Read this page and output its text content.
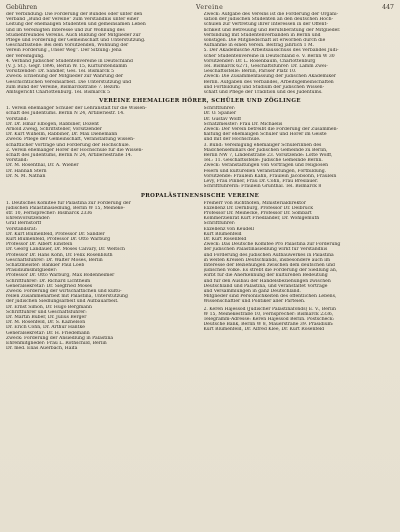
Gebühren	Vereine	447

der Verbindung: Die Förderung der Bundes oder unter den

Verband „Bund der Vereine“ zum Verständnis unter einer

Leitung der ehemaligen Studenten und gemeinsamen Leben

und im Vereinigten Interesse und zur Wohnung des

Studienfreundes Vereins. Auch Bildung der Mitglieder zur

Pflege und Förderung der Gemeinschaft und Unterstützung.

Geschäftsstelle: Bei dem Vorsitzenden, Wohnung der

Verein Förderung „Unser Weg“. Der Sitzung: Jena

der Vereinigung.

4. Verband Jüdischer Studentenvereine in Deutschland

(V. J. St.). Gegr. 1896, Berlin W. 15, Kurfürstendamm

Vorsitzender: Dr. Sandler, Ges. Tel. Bismarck 5

Zweck: Erziehung der Mitglieder zur Wahrung der

Geschichtlichen Vereinsarbeit. Die Unterstützung und

zum Bund der Vereine, Bismarckstraße 7. Bezirk:

Amtsgericht Charlottenburg. Tel. Bismarck 5

Zweck: Aufgabe des Vereins ist die Förderung der Organi-

sation der jüdischen Studenten an den deutschen Hoch-

schulen zur Vertretung ihrer Interessen in der Öffent-

lichkeit und Betreuung und Berufsberatung der Mitglieder.

Verbindung mit Studentenverbänden in Berlin und

sonstigen. Die Mitgliedschaft ist erworben durch die

Aufnahme in einen Verein. Beitrag jährlich 1 M.

5. Der Akademische Arbeitsausschuss des Verbandes Jüdi-

scher Studentenvereine in Deutschland e. V. Berlin W 30

Vorsitzender: Dr. L. Rosenbaum, Charlottenburg

Tel. Bismarck 6271, Geschäftsführer: Dr. Lamm Zwei-

Geschäftsstelle: Berlin, Pariser Platz 10.

Zweck: Die Zusammenfassung der jüdischen Akademiker

Berlin. Aufgaben des Verbandes, Arbeitsgemeinschaften

und Fortbildung und Studium der jüdischen Wissen-

schaft und Pflege der Tradition und des Judentums.

VEREINE EHEMALIGER HÖRER, SCHÜLER UND ZÖGLINGE

1. Verein ehemaliger Schüler der Lehranstalt für die Wissen-

schaft des Judentums. Berlin N 24, Artilleriestr. 14.

Vorstand:

Dr. Dr. Ismar Elbogen, Rabbiner, Dozent

Arnold Zweig, Schriftsteller, Vorsitzender

Dr. Kurt Wilhelm, Rabbiner, Dr. Max Dienemann

Zweck: Pflege der Gemeinschaft, Veranstaltung wissen-

schaftlicher Vorträge und Förderung der Hochschule.

2. Verein ehemaliger Hörer der Hochschule für die Wissen-

schaft des Judentums, Berlin N 24, Artilleriestraße 14.

Vorstand:

Dr. M. Rosenthal, Dr. A. Wiener

Dr. Hannah Stern

Dr. N. M. Nathan

Schriftführer:

Dr. O. Spanier

Dr. Gustav Wolff

Schatzmeister: Frau Dr. Michaelis

Zweck: Der Verein betreibt die Förderung der Zusammen-

haltung der ehemaligen Schüler und Hörer im Geiste

und mit der Hochschule.

3. Bund: Vereinigung ehemaliger Schülerinnen des

Mädchenseminars der Jüdischen Gemeinde zu Berlin,

Berlin NW 7, Lindenstraße 23. Vorsitzende: Lotte Wolff,

Tel.: 11. Geschäftsstelle: Jüdische Gemeinde Berlin.

Zweck: Veranstaltungen von Vorträgen und religiösen

Feiern und kulturellen Veranstaltungen, Fortbildung.

Vorsitzende: Fräulein Kahn, Fräulein Jacobsohn, Fräulein

Levy, Frau Pinner, Frau Dr. Cohn, Frau Breslauer.

Schriftführerin: Fräulein Grünthal. Tel. Bismarck 8

PROPALÄSTINENSISCHE VEREINE

1. Deutsches Komitee für Palästina zur Förderung der

jüdischen Palästinasiedlung, Berlin W 15, Meineke-

str. 10, Fernsprecher: Bismarck 2336

Ehrenvorsitzender:

Graf Bernstorff

Vorstandsrat:

Dr. Kurt Blumenfeld, Professor Dr. Sandler

Kurt Blumenfeld, Professor Dr. Otto Warburg

Professor Dr. Albert Einstein

Dr. Georg Landauer, Dr. Moses Calvary, Dr. Weltsch

Professor Dr. Hans Kohn, Dr. Felix Rosenblüth

Geschäftsführer: Dr. Walter Moses, Berlin

Schatzmeister: Bankier Paul Loeb

Präsidiumsmitglieder:

Professor Dr. Otto Warburg, Max Bodenheimer

Schriftführer: Dr. Richard Lichtheim

Generalsekretär: Dr. Siegfried Moses

Zweck: Förderung der wirtschaftlichen und kultu-

rellen Zusammenarbeit mit Palästina, Unterstützung

der jüdischen Siedlungsarbeit und Aufbauarbeit.

Dr. Ernst Simon, Dr. Hugo Bergmann

Schriftführer und Geschäftsführer:

Dr. Martin Buber, Dr. Julius Berger

Dr. M. Rosenfeld, Dr. S. Kaznelson

Dr. Erich Cohn, Dr. Arthur Hantke

Generalsekretär: Dr. H. Friedemann

Zweck: Förderung der Ansiedlung in Palästina

Ehrenmitglieder: Frau L. Rothschild, Berlin

Dr. med. Elias Auerbach, Haifa

Freiherr von Richthofen, Ministerialdirektor

Exzellenz Dr. Dernburg, Professor Dr. Delbrück

Professor Dr. Meinecke, Professor Dr. Sombart

Kommerzienrat Kurt Friedländer, Dr. Wohlgemuth

Schriftführer:

Exzellenz von Keudell

Kurt Blumenfeld

Dr. Kurt Rosenfeld

Zweck: Das Deutsche Komitee Pro Palästina zur Förderung

der jüdischen Palästinasiedlung wirkt für Verständnis

und Förderung des jüdischen Aufbauwerkes in Palästina

in weiten Kreisen Deutschlands, insbesondere auch im

Interesse der Beziehungen zwischen dem deutschen und

jüdischen Volke. Es strebt die Förderung der Siedlung an,

wirbt für die Anerkennung der kulturellen Bedeutung

und für den Ausbau der Handelsbeziehungen zwischen

Deutschland und Palästina, und veranstaltet Vorträge

und Versammlungen in ganz Deutschland.

Mitglieder sind Persönlichkeiten des öffentlichen Lebens,

Wissenschaftler und Politiker aller Parteien.

2. Keren Hajessod (Jüdischer Palästinafonds) E. V., Berlin

W 15, Meinekestraße 10, Fernsprecher: Bismarck 2336,

Telegramm-Adresse: Keren Hajessod Berlin. Postscheck:

Deutsche Bank, Berlin W 8, Mauerstraße 39. Präsidium:

Kurt Blumenfeld, Dr. Alfred Klee, Dr. Kurt Rosenfeld
